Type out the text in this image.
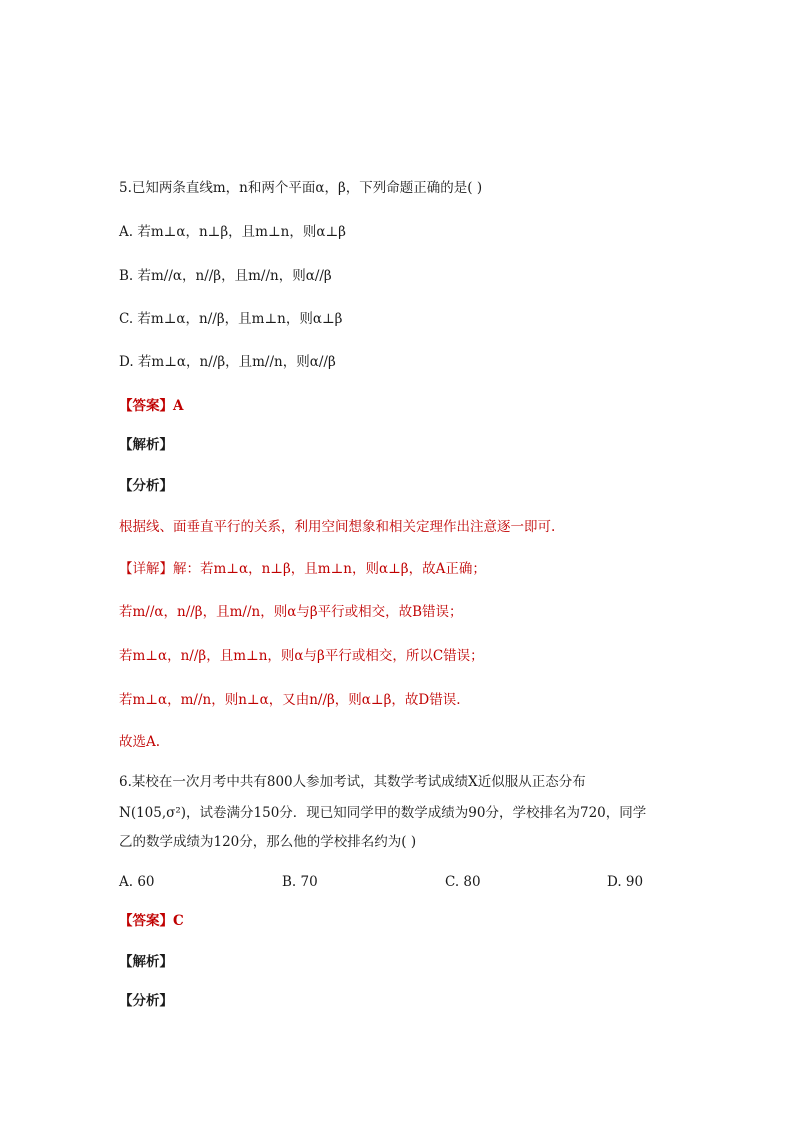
5.已知两条直线m，n和两个平面α，β，下列命题正确的是( )
A. 若m⊥α，n⊥β，且m⊥n，则α⊥β
B. 若m//α，n//β，且m//n，则α//β
C. 若m⊥α，n//β，且m⊥n，则α⊥β
D. 若m⊥α，n//β，且m//n，则α//β
【答案】A
【解析】
【分析】
根据线、面垂直平行的关系，利用空间想象和相关定理作出注意逐一即可.
【详解】解：若m⊥α，n⊥β，且m⊥n，则α⊥β，故A正确；
若m//α，n//β，且m//n，则α与β平行或相交，故B错误；
若m⊥α，n//β，且m⊥n，则α与β平行或相交，所以C错误；
若m⊥α，m//n，则n⊥α，又由n//β，则α⊥β，故D错误.
故选A.
6.某校在一次月考中共有800人参加考试，其数学考试成绩X近似服从正态分布
N(105,σ²)，试卷满分150分．现已知同学甲的数学成绩为90分，学校排名为720，同学
乙的数学成绩为120分，那么他的学校排名约为( )
A. 60	B. 70	C. 80	D. 90
【答案】C
【解析】
【分析】
